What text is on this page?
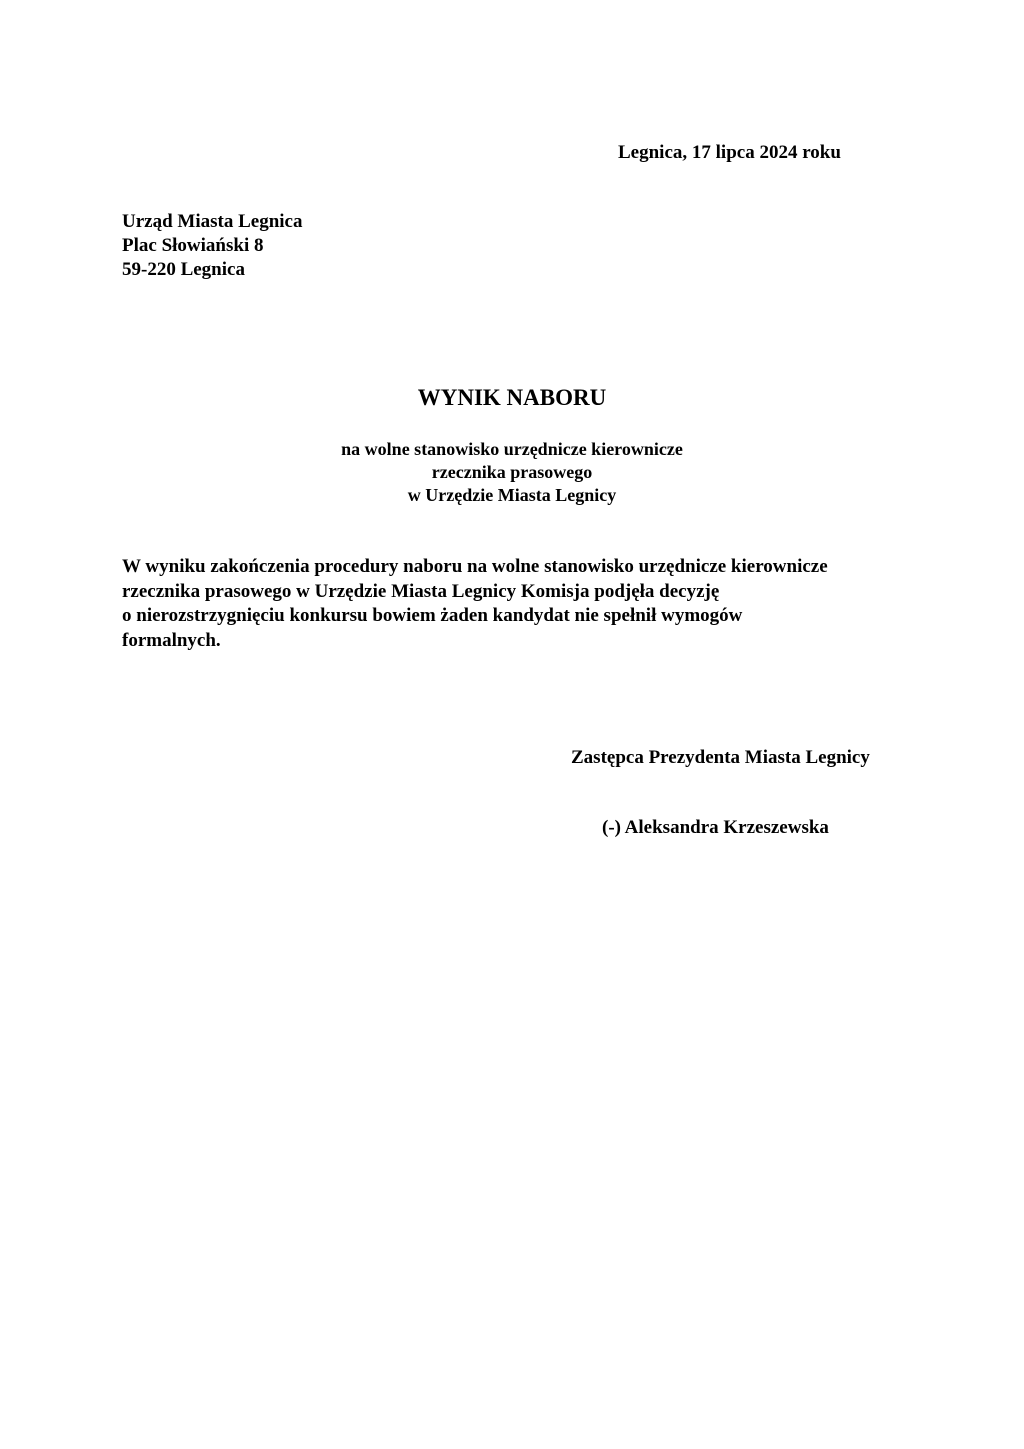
Legnica, 17 lipca 2024 roku
Urząd Miasta Legnica
Plac Słowiański 8
59-220 Legnica
WYNIK NABORU
na wolne stanowisko urzędnicze kierownicze
rzecznika prasowego
w Urzędzie Miasta Legnicy
W wyniku zakończenia procedury naboru na wolne stanowisko urzędnicze kierownicze
rzecznika prasowego w Urzędzie Miasta Legnicy Komisja podjęła decyzję
o nierozstrzygnięciu konkursu bowiem żaden kandydat nie spełnił wymogów
formalnych.
Zastępca Prezydenta Miasta Legnicy
(-) Aleksandra Krzeszewska
